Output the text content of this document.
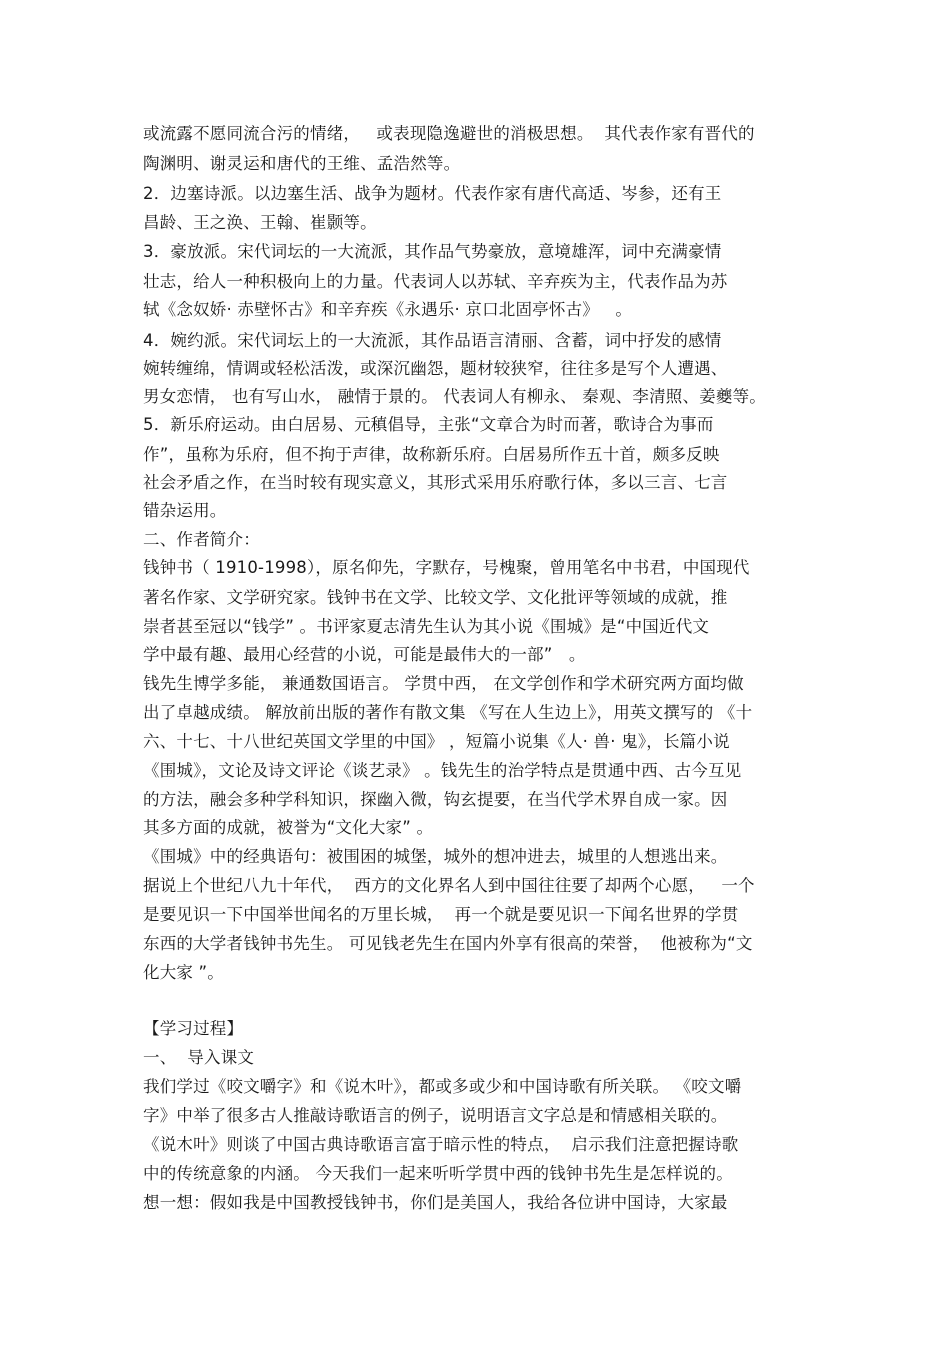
或流露不愿同流合污的情绪，   或表现隐逸避世的消极思想。  其代表作家有晋代的
陶渊明、谢灵运和唐代的王维、孟浩然等。
2．边塞诗派。以边塞生活、战争为题材。代表作家有唐代高适、岑参，还有王
昌龄、王之涣、王翰、崔颢等。
3．豪放派。宋代词坛的一大流派，其作品气势豪放，意境雄浑，词中充满豪情
壮志，给人一种积极向上的力量。代表词人以苏轼、辛弃疾为主，代表作品为苏
轼《念奴娇· 赤壁怀古》和辛弃疾《永遇乐· 京口北固亭怀古》   。
4．婉约派。宋代词坛上的一大流派，其作品语言清丽、含蓄，词中抒发的感情
婉转缠绵，情调或轻松活泼，或深沉幽怨，题材较狭窄，往往多是写个人遭遇、
男女恋情， 也有写山水， 融情于景的。 代表词人有柳永、 秦观、李清照、姜夔等。
5．新乐府运动。由白居易、元稹倡导，主张“文章合为时而著，歌诗合为事而
作”，虽称为乐府，但不拘于声律，故称新乐府。白居易所作五十首，颇多反映
社会矛盾之作，在当时较有现实意义，其形式采用乐府歌行体，多以三言、七言
错杂运用。
二、作者简介：
钱钟书（ 1910-1998），原名仰先，字默存，号槐聚，曾用笔名中书君，中国现代
著名作家、文学研究家。钱钟书在文学、比较文学、文化批评等领域的成就，推
崇者甚至冠以“钱学” 。书评家夏志清先生认为其小说《围城》是“中国近代文
学中最有趣、最用心经营的小说，可能是最伟大的一部”   。
钱先生博学多能， 兼通数国语言。 学贯中西， 在文学创作和学术研究两方面均做
出了卓越成绩。 解放前出版的著作有散文集 《写在人生边上》，用英文撰写的 《十
六、十七、十八世纪英国文学里的中国》 ，短篇小说集《人· 兽· 鬼》，长篇小说
《围城》，文论及诗文评论《谈艺录》 。钱先生的治学特点是贯通中西、古今互见
的方法，融会多种学科知识，探幽入微，钩玄提要，在当代学术界自成一家。因
其多方面的成就，被誉为“文化大家” 。
《围城》中的经典语句：被围困的城堡，城外的想冲进去，城里的人想逃出来。
据说上个世纪八九十年代，  西方的文化界名人到中国往往要了却两个心愿，   一个
是要见识一下中国举世闻名的万里长城，  再一个就是要见识一下闻名世界的学贯
东西的大学者钱钟书先生。 可见钱老先生在国内外享有很高的荣誉，  他被称为“文
化大家 ”。
【学习过程】
一、  导入课文
我们学过《咬文嚼字》和《说木叶》，都或多或少和中国诗歌有所关联。 《咬文嚼
字》中举了很多古人推敲诗歌语言的例子，说明语言文字总是和情感相关联的。
《说木叶》则谈了中国古典诗歌语言富于暗示性的特点，  启示我们注意把握诗歌
中的传统意象的内涵。 今天我们一起来听听学贯中西的钱钟书先生是怎样说的。
想一想：假如我是中国教授钱钟书，你们是美国人，我给各位讲中国诗，大家最
